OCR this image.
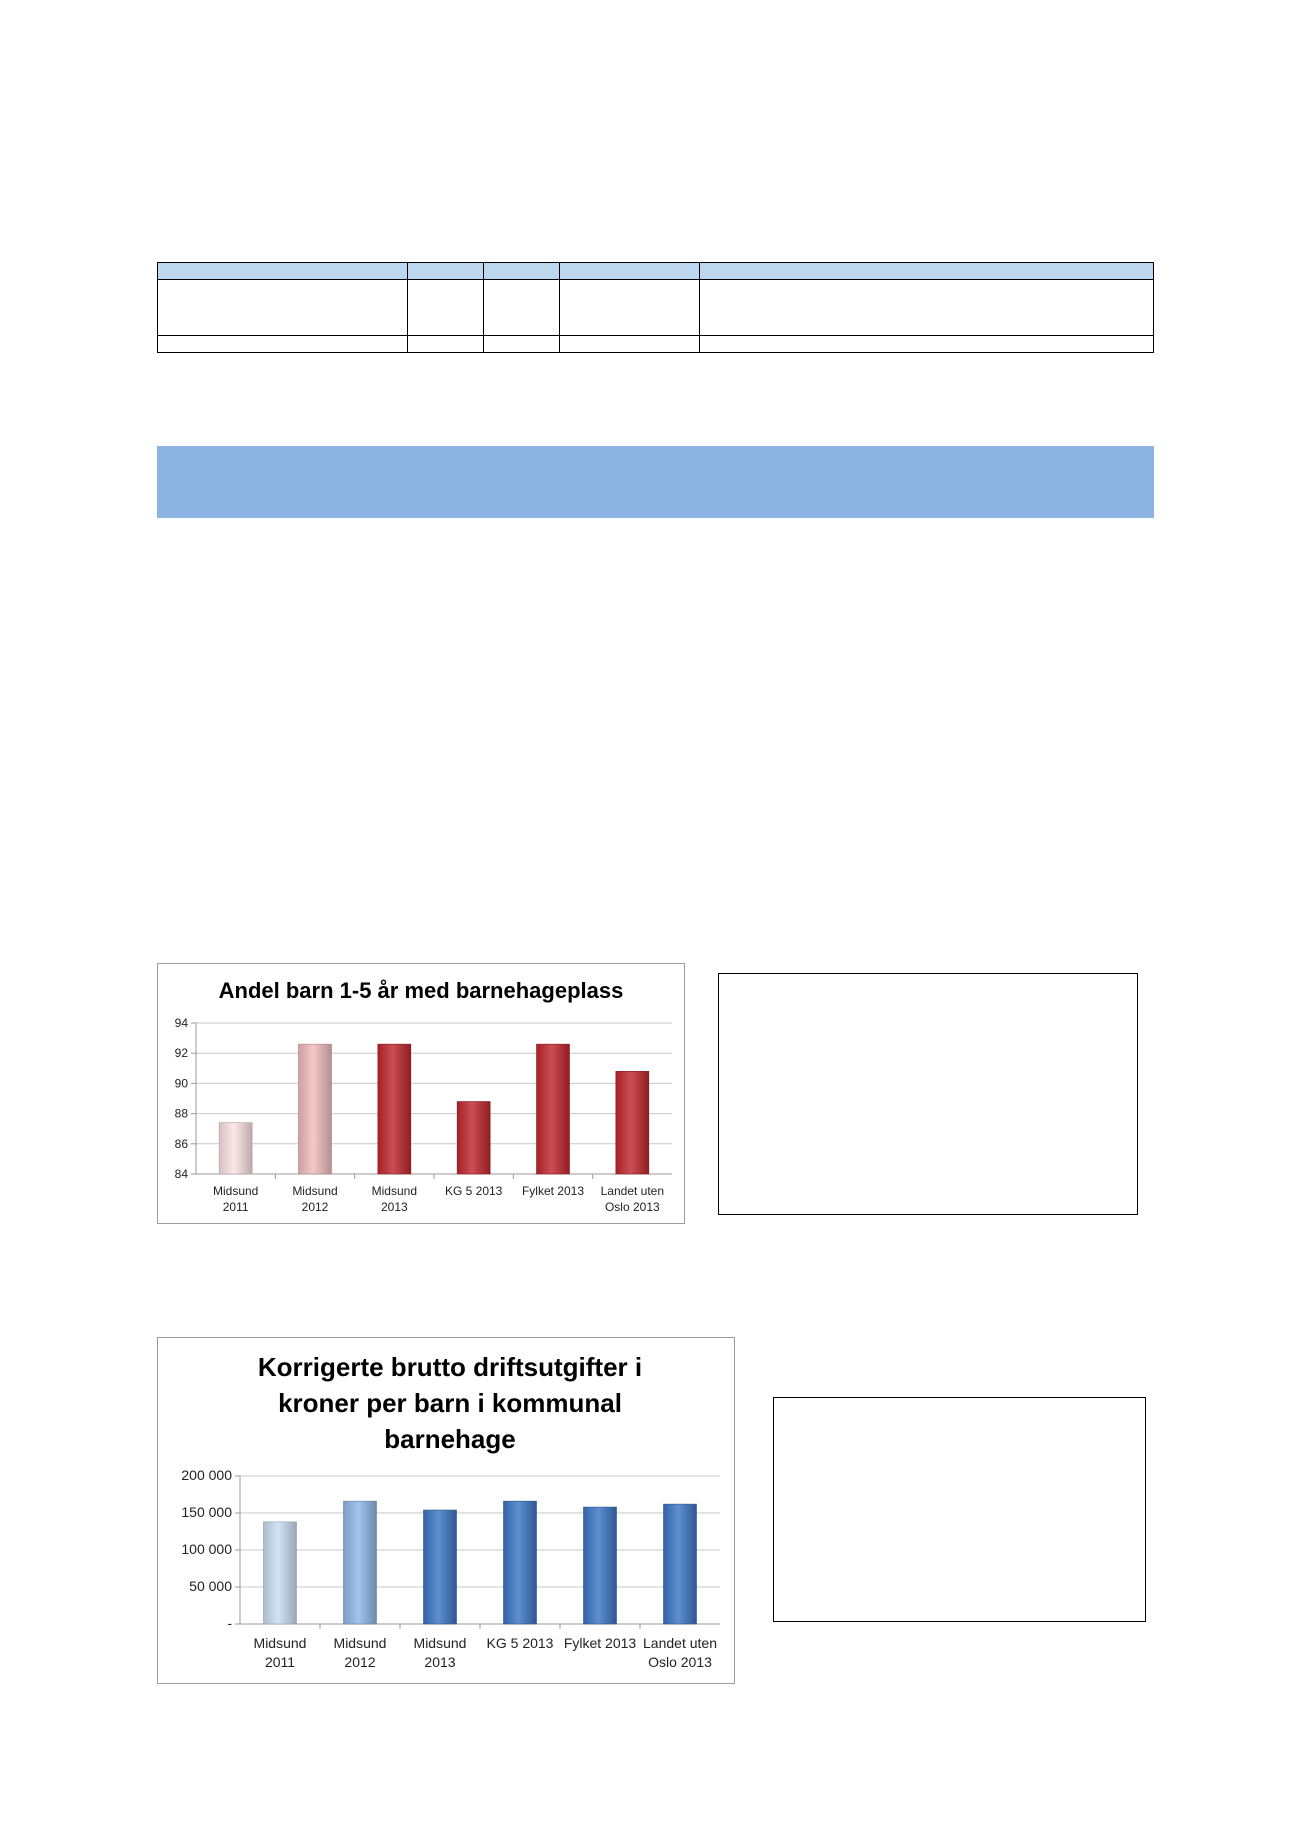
Andel barn 1-5 år med barnehageplass
84
86
88
90
92
94
Midsund
2011
Midsund
2012
Midsund
2013
KG 5 2013 Fylket 2013 Landet uten
Oslo 2013
Korrigerte brutto driftsutgifter i
kroner per barn i kommunal
barnehage
-
50 000
100 000
150 000
200 000
Midsund
2011
Midsund
2012
Midsund
2013
KG 5 2013 Fylket 2013 Landet uten
Oslo 2013
